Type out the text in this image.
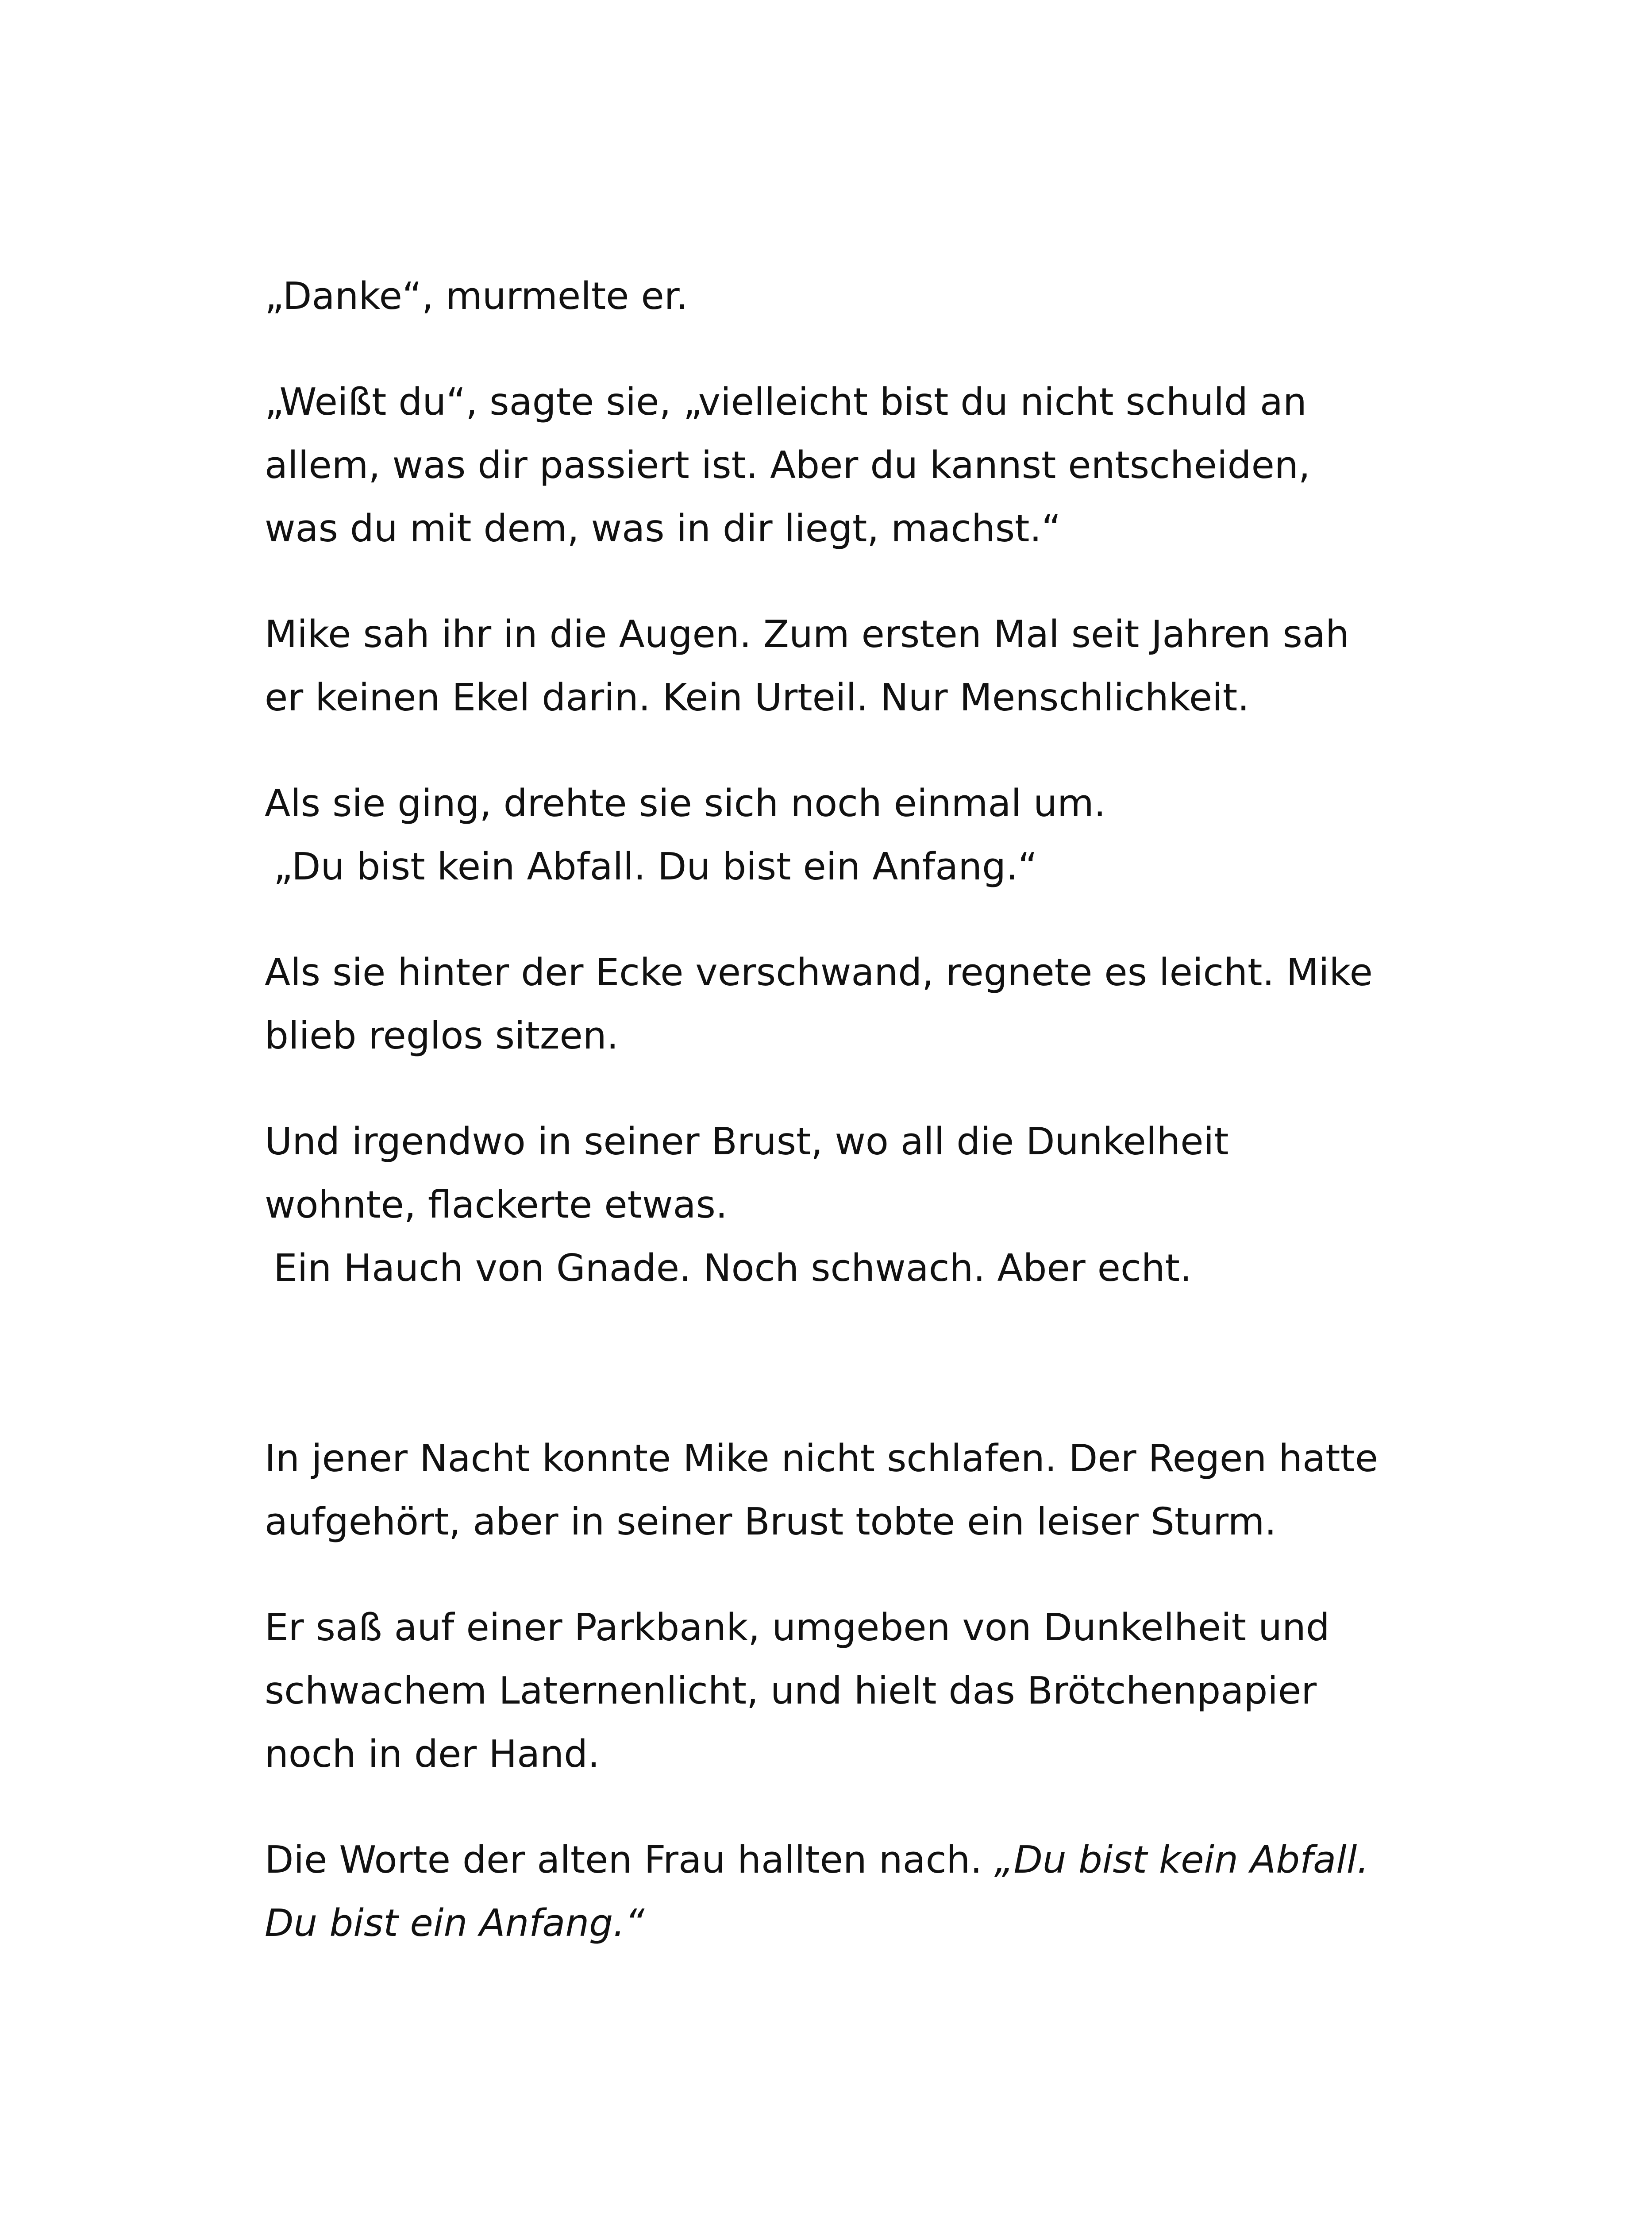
„Danke“, murmelte er.

„Weißt du“, sagte sie, „vielleicht bist du nicht schuld an
allem, was dir passiert ist. Aber du kannst entscheiden,
was du mit dem, was in dir liegt, machst.“

Mike sah ihr in die Augen. Zum ersten Mal seit Jahren sah
er keinen Ekel darin. Kein Urteil. Nur Menschlichkeit.

Als sie ging, drehte sie sich noch einmal um.
„Du bist kein Abfall. Du bist ein Anfang.“

Als sie hinter der Ecke verschwand, regnete es leicht. Mike
blieb reglos sitzen.

Und irgendwo in seiner Brust, wo all die Dunkelheit
wohnte, flackerte etwas.
Ein Hauch von Gnade. Noch schwach. Aber echt.

In jener Nacht konnte Mike nicht schlafen. Der Regen hatte
aufgehört, aber in seiner Brust tobte ein leiser Sturm.

Er saß auf einer Parkbank, umgeben von Dunkelheit und
schwachem Laternenlicht, und hielt das Brötchenpapier
noch in der Hand.

Die Worte der alten Frau hallten nach. „Du bist kein Abfall.
Du bist ein Anfang.“
